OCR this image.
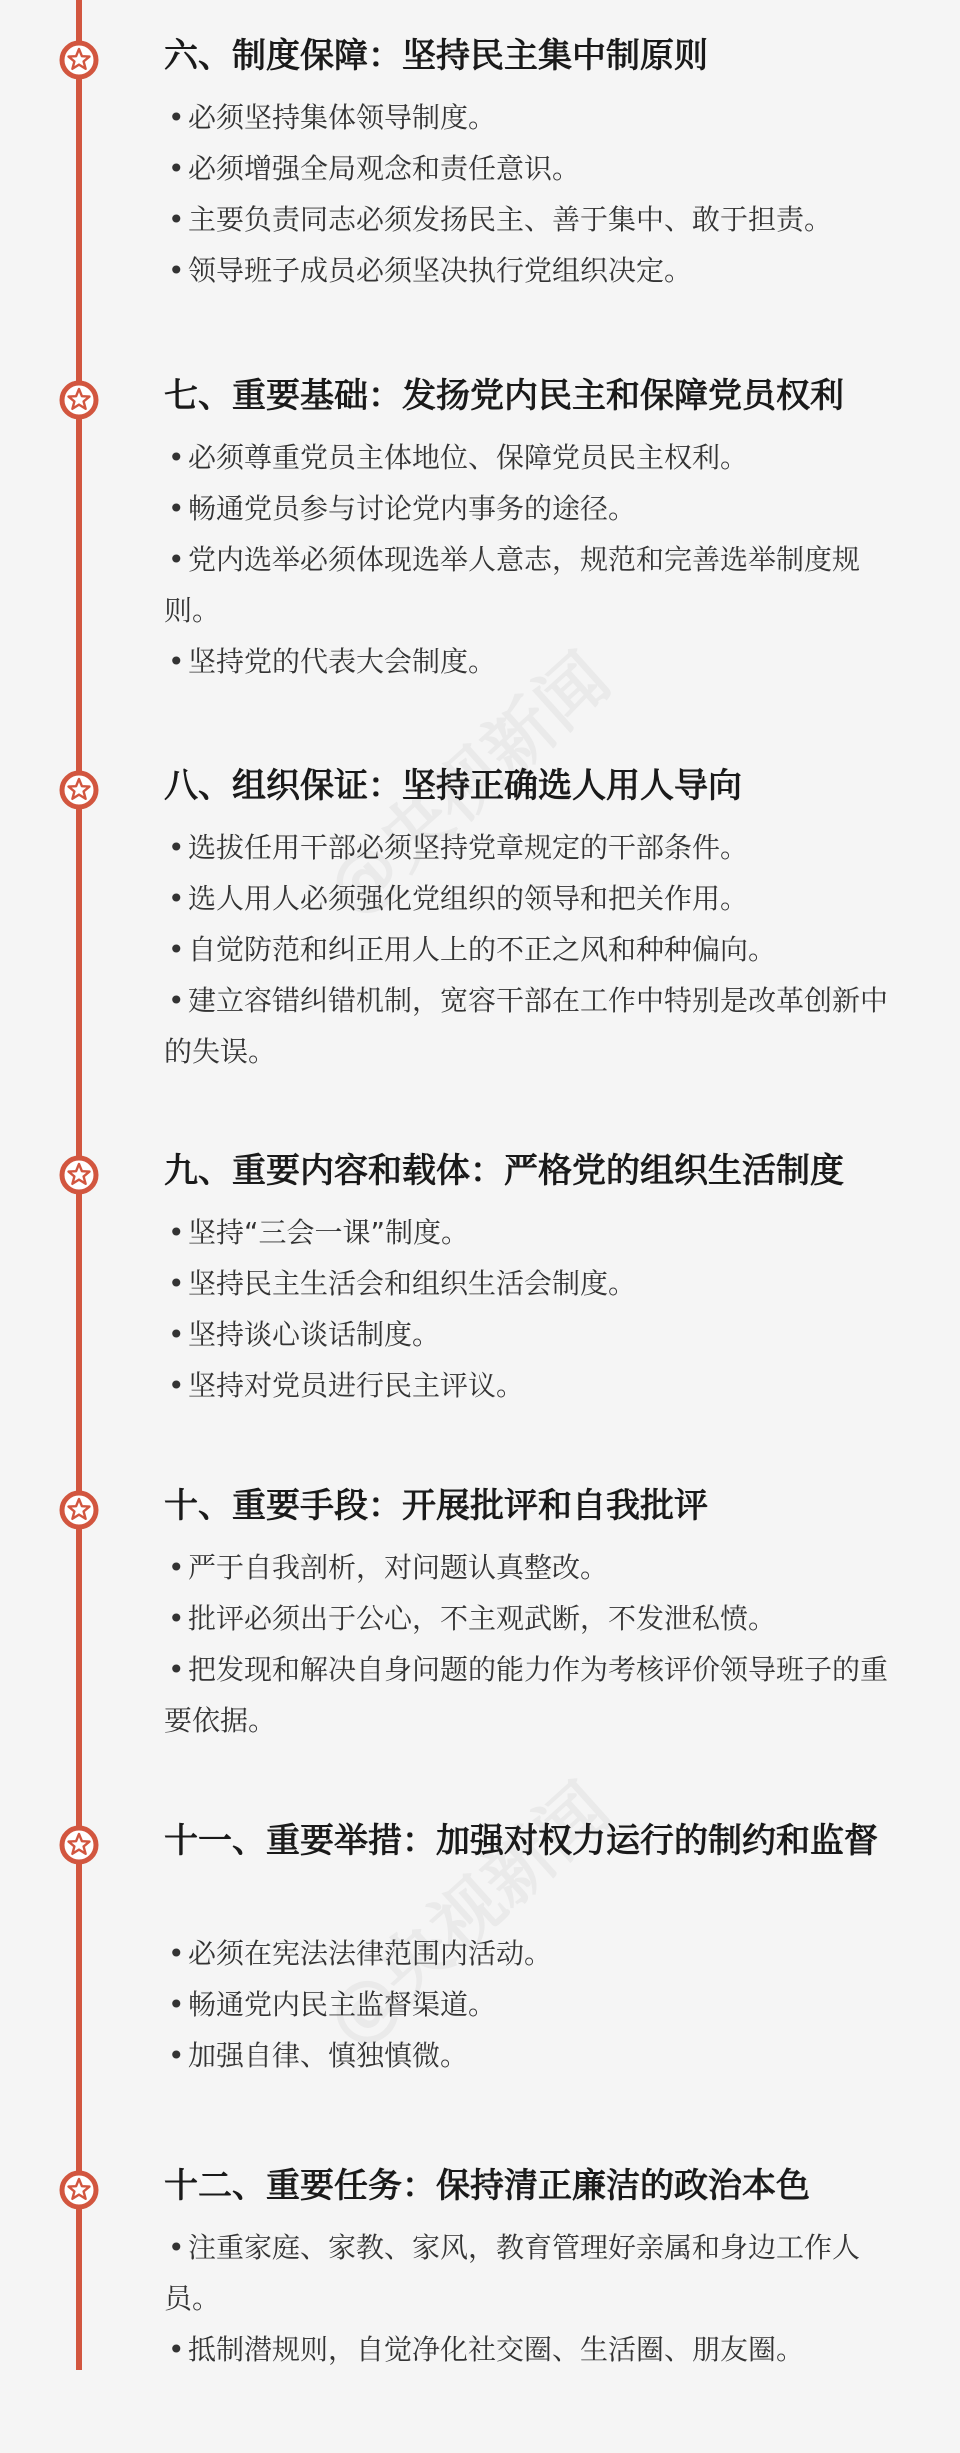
六、制度保障：坚持民主集中制原则
• 必须坚持集体领导制度。
• 必须增强全局观念和责任意识。
• 主要负责同志必须发扬民主、善于集中、敢于担责。
• 领导班子成员必须坚决执行党组织决定。
七、重要基础：发扬党内民主和保障党员权利
• 必须尊重党员主体地位、保障党员民主权利。
• 畅通党员参与讨论党内事务的途径。
• 党内选举必须体现选举人意志，规范和完善选举制度规则。
• 坚持党的代表大会制度。
八、组织保证：坚持正确选人用人导向
• 选拔任用干部必须坚持党章规定的干部条件。
• 选人用人必须强化党组织的领导和把关作用。
• 自觉防范和纠正用人上的不正之风和种种偏向。
• 建立容错纠错机制，宽容干部在工作中特别是改革创新中的失误。
九、重要内容和载体：严格党的组织生活制度
• 坚持“三会一课”制度。
• 坚持民主生活会和组织生活会制度。
• 坚持谈心谈话制度。
• 坚持对党员进行民主评议。
十、重要手段：开展批评和自我批评
• 严于自我剖析，对问题认真整改。
• 批评必须出于公心，不主观武断，不发泄私愤。
• 把发现和解决自身问题的能力作为考核评价领导班子的重要依据。
十一、重要举措：加强对权力运行的制约和监督
• 必须在宪法法律范围内活动。
• 畅通党内民主监督渠道。
• 加强自律、慎独慎微。
十二、重要任务：保持清正廉洁的政治本色
• 注重家庭、家教、家风，教育管理好亲属和身边工作人员。
• 抵制潜规则，自觉净化社交圈、生活圈、朋友圈。
